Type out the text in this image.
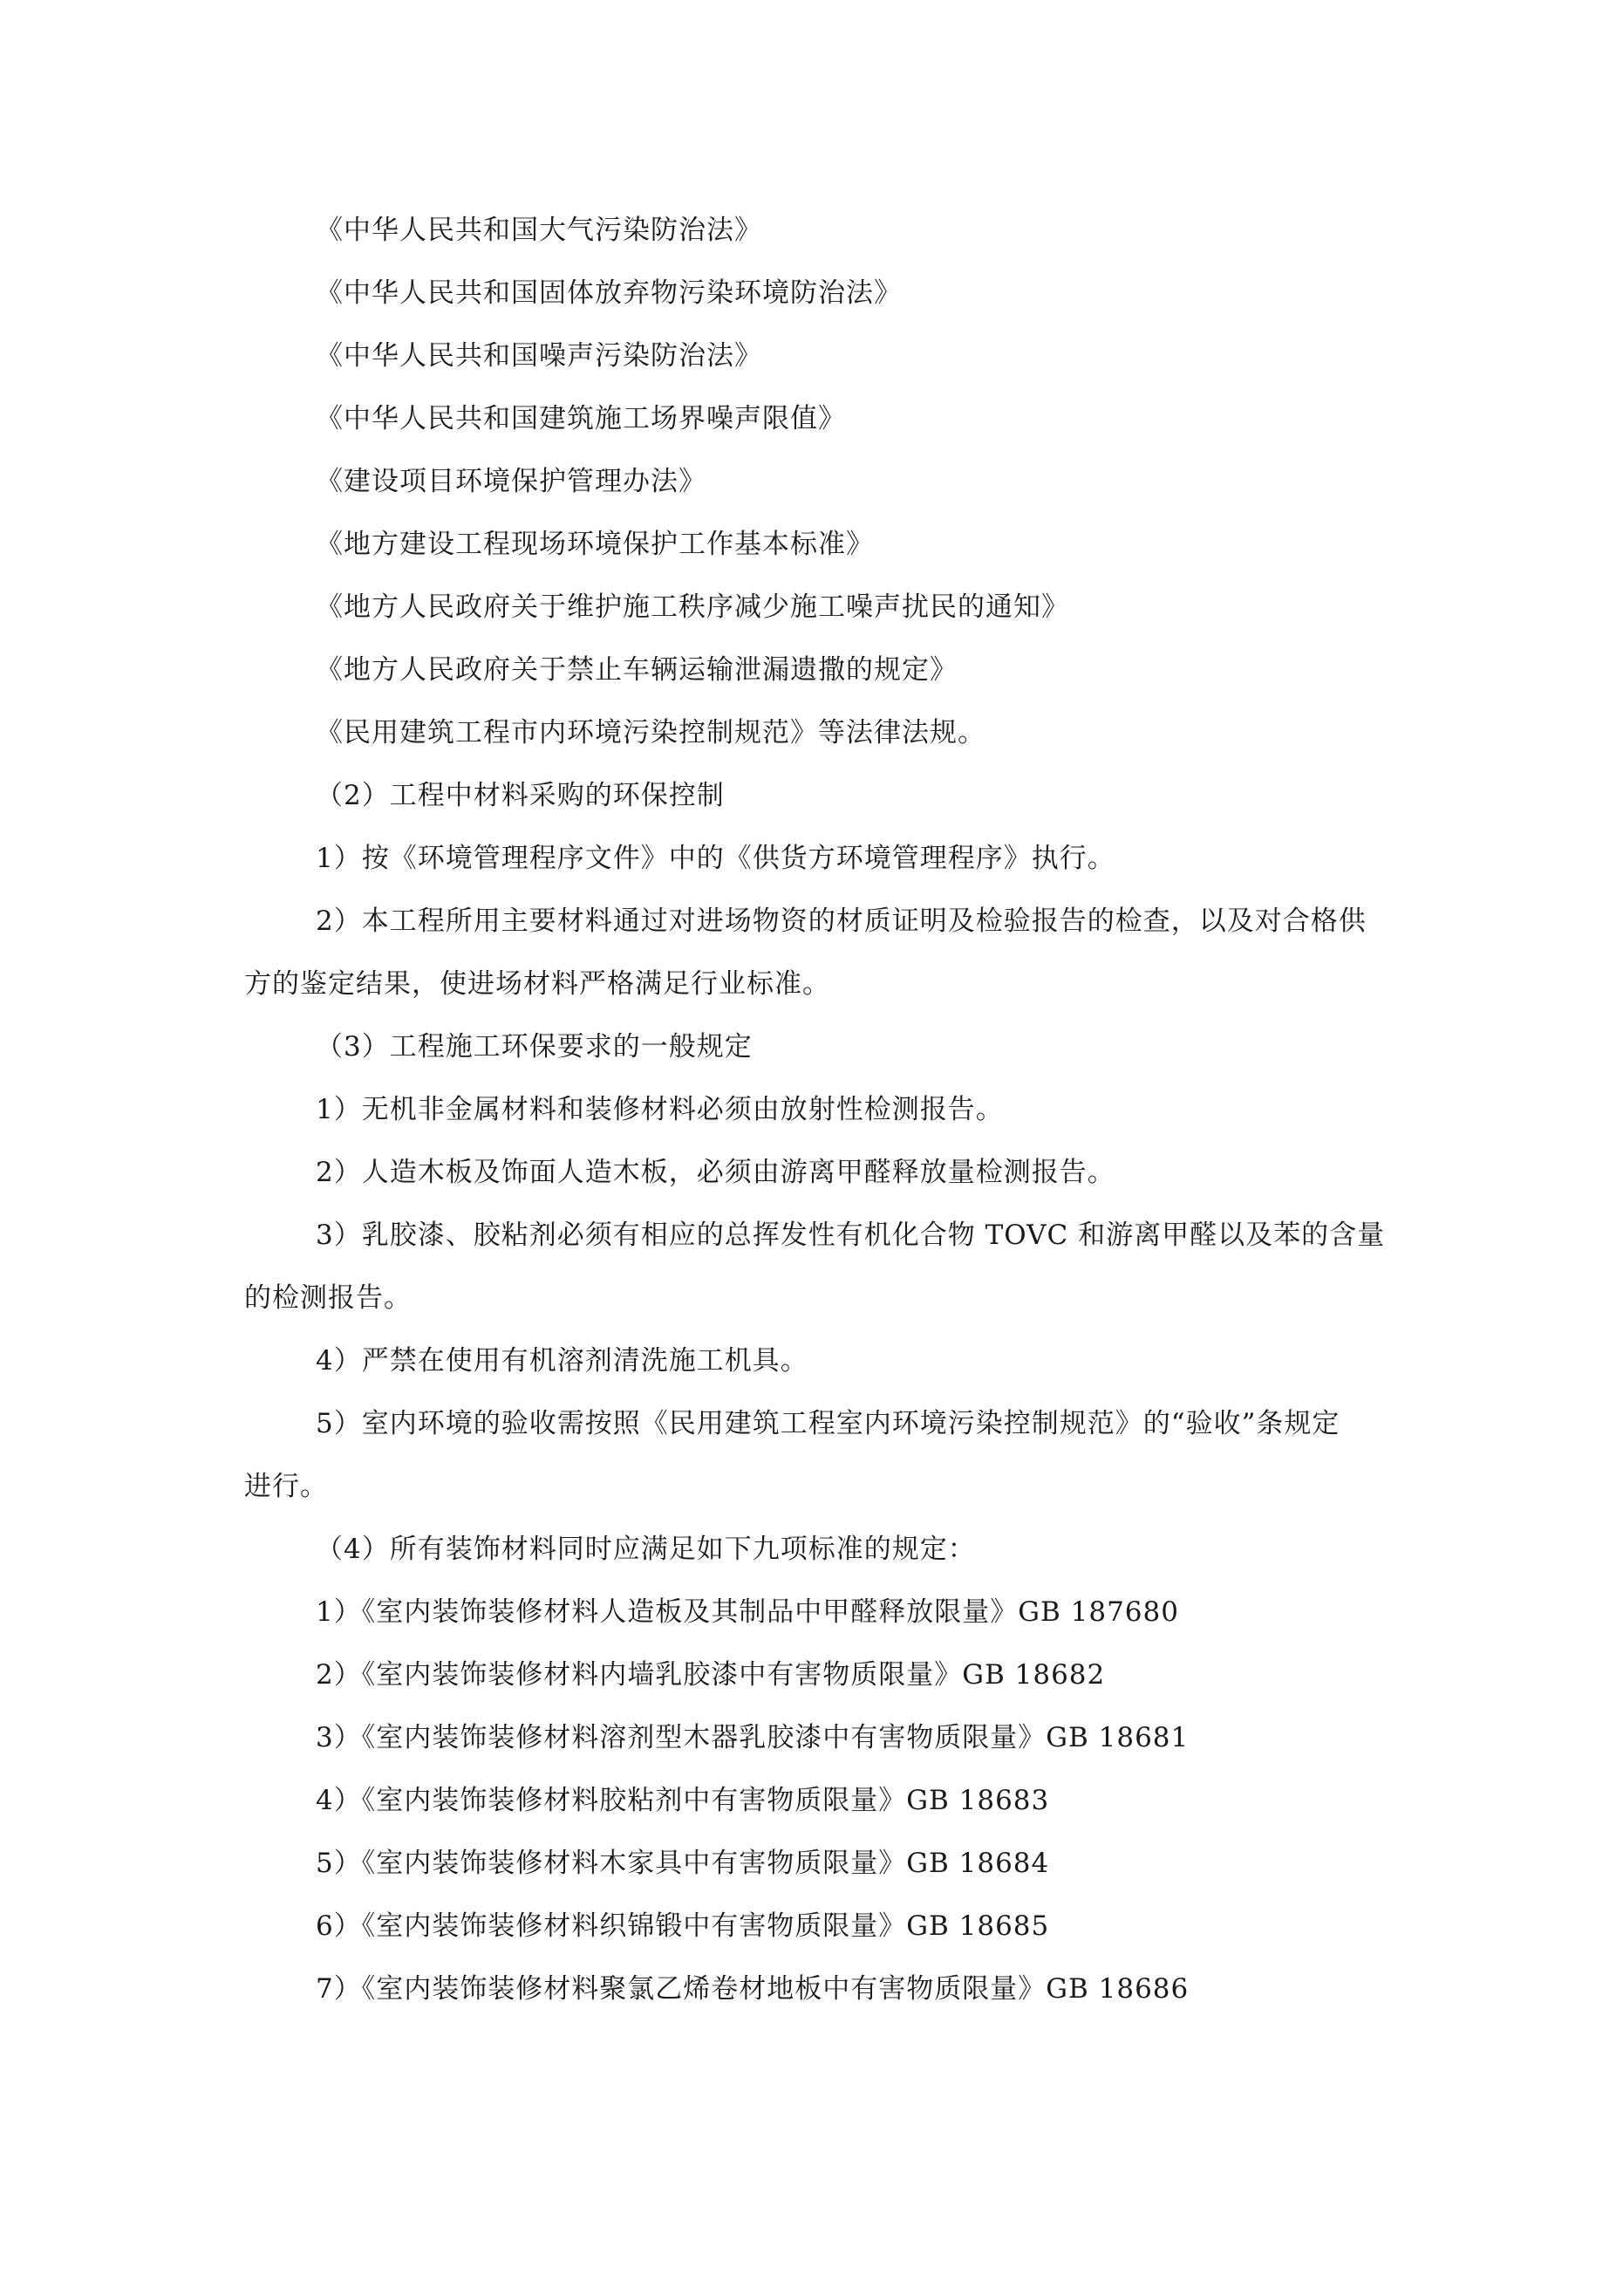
《中华人民共和国大气污染防治法》
《中华人民共和国固体放弃物污染环境防治法》
《中华人民共和国噪声污染防治法》
《中华人民共和国建筑施工场界噪声限值》
《建设项目环境保护管理办法》
《地方建设工程现场环境保护工作基本标准》
《地方人民政府关于维护施工秩序减少施工噪声扰民的通知》
《地方人民政府关于禁止车辆运输泄漏遗撒的规定》
《民用建筑工程市内环境污染控制规范》等法律法规。
（2）工程中材料采购的环保控制
1）按《环境管理程序文件》中的《供货方环境管理程序》执行。
2）本工程所用主要材料通过对进场物资的材质证明及检验报告的检查，以及对合格供
方的鉴定结果，使进场材料严格满足行业标准。
（3）工程施工环保要求的一般规定
1）无机非金属材料和装修材料必须由放射性检测报告。
2）人造木板及饰面人造木板，必须由游离甲醛释放量检测报告。
3）乳胶漆、胶粘剂必须有相应的总挥发性有机化合物 TOVC 和游离甲醛以及苯的含量
的检测报告。
4）严禁在使用有机溶剂清洗施工机具。
5）室内环境的验收需按照《民用建筑工程室内环境污染控制规范》的“验收”条规定
进行。
（4）所有装饰材料同时应满足如下九项标准的规定：
1）《室内装饰装修材料人造板及其制品中甲醛释放限量》GB 187680
2）《室内装饰装修材料内墙乳胶漆中有害物质限量》GB 18682
3）《室内装饰装修材料溶剂型木器乳胶漆中有害物质限量》GB 18681
4）《室内装饰装修材料胶粘剂中有害物质限量》GB 18683
5）《室内装饰装修材料木家具中有害物质限量》GB 18684
6）《室内装饰装修材料织锦锻中有害物质限量》GB 18685
7）《室内装饰装修材料聚氯乙烯卷材地板中有害物质限量》GB 18686
